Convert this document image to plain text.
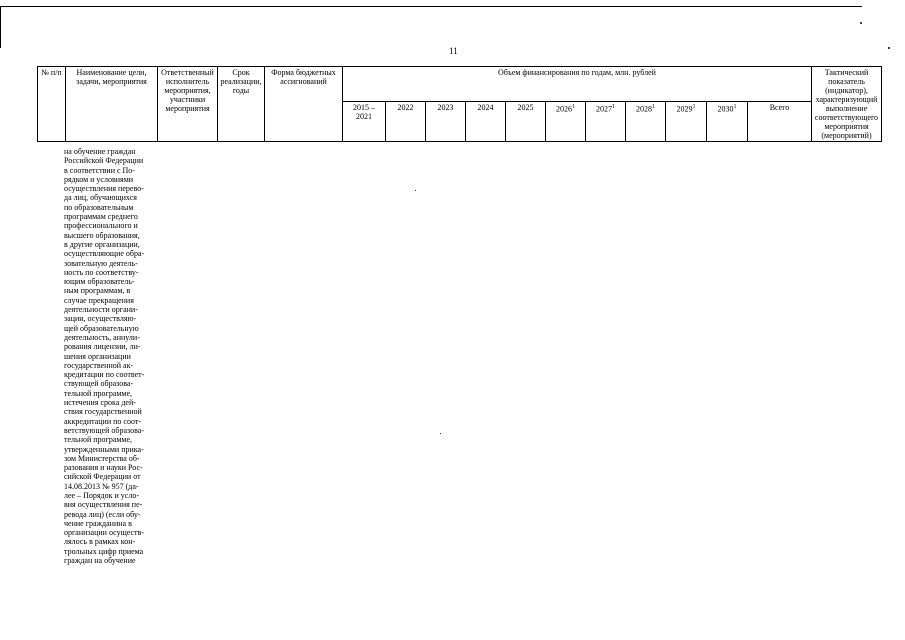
11
№ п/п	Наименование цели, задачи, мероприятия	Ответственный исполнитель мероприятия, участники мероприятия	Срок реализации, годы	Форма бюджетных ассигнований	Объем финансирования по годам, млн. рублей											Тактический показатель (индикатор), характеризующий выполнение соответствующего мероприятия (мероприятий)
					2015 – 2021	2022	2023	2024	2025	2026$^1$	2027$^1$	2028$^1$	2029$^1$	2030$^1$	Всего	
на обучение граждан
Российской Федерации
в соответствии с По-
рядком и условиями
осуществления перево-
да лиц, обучающихся
по образовательным
программам среднего
профессионального и
высшего образования,
в другие организации,
осуществляющие обра-
зовательную деятель-
ность по соответству-
ющим образователь-
ным программам, в
случае прекращения
деятельности органи-
зации, осуществляю-
щей образовательную
деятельность, аннули-
рования лицензии, ли-
шения организации
государственной ак-
кредитации по соответ-
ствующей образова-
тельной программе,
истечения срока дей-
ствия государственной
аккредитации по соот-
ветствующей образова-
тельной программе,
утвержденными прика-
зом Министерства об-
разования и науки Рос-
сийской Федерации от
14.08.2013 № 957 (да-
лее – Порядок и усло-
вия осуществления пе-
ревода лиц) (если обу-
чение гражданина в
организации осуществ-
лялось в рамках кон-
трольных цифр приема
граждан на обучение
